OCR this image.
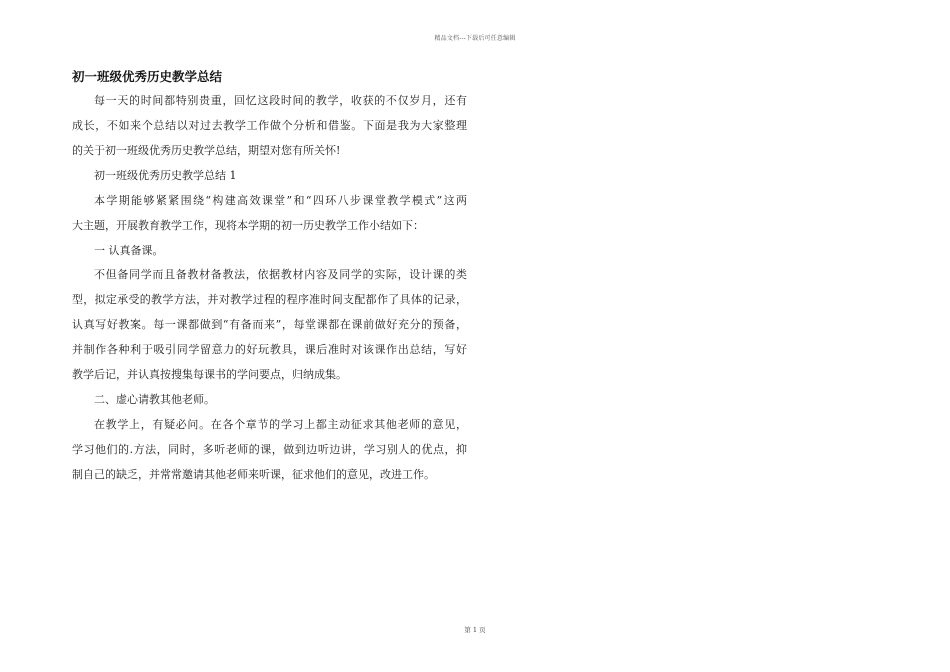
精品文档---下载后可任意编辑
初一班级优秀历史教学总结
每一天的时间都特别贵重，回忆这段时间的教学，收获的不仅岁月，还有
成长，不如来个总结以对过去教学工作做个分析和借鉴。下面是我为大家整理
的关于初一班级优秀历史教学总结，期望对您有所关怀!
初一班级优秀历史教学总结 1
本学期能够紧紧围绕“构建高效课堂”和“四环八步课堂教学模式”这两
大主题，开展教育教学工作，现将本学期的初一历史教学工作小结如下：
一 认真备课。
不但备同学而且备教材备教法，依据教材内容及同学的实际，设计课的类
型，拟定承受的教学方法，并对教学过程的程序准时间支配都作了具体的记录，
认真写好教案。每一课都做到“有备而来”，每堂课都在课前做好充分的预备，
并制作各种利于吸引同学留意力的好玩教具，课后准时对该课作出总结，写好
教学后记，并认真按搜集每课书的学问要点，归纳成集。
二、虚心请教其他老师。
在教学上，有疑必问。在各个章节的学习上都主动征求其他老师的意见，
学习他们的.方法，同时，多听老师的课，做到边听边讲，学习别人的优点，抑
制自己的缺乏，并常常邀请其他老师来听课，征求他们的意见，改进工作。
第 1 页
